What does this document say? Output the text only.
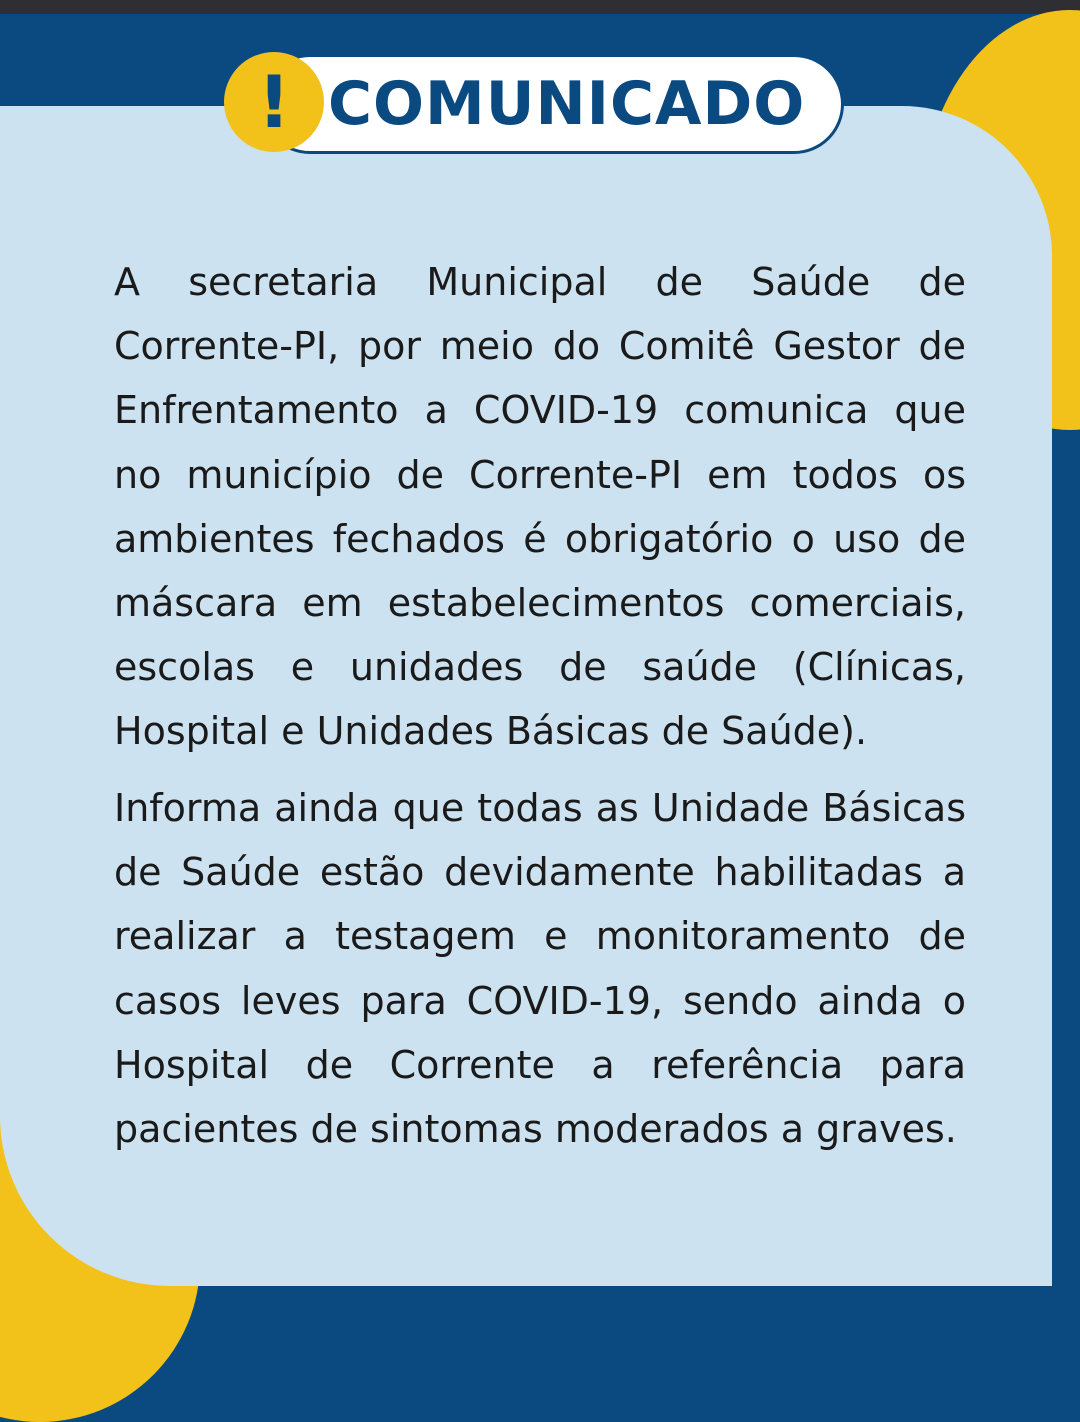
! COMUNICADO

A secretaria Municipal de Saúde de Corrente-PI, por meio do Comitê Gestor de Enfrentamento a COVID-19 comunica que no município de Corrente-PI em todos os ambientes fechados é obrigatório o uso de máscara em estabelecimentos comerciais, escolas e unidades de saúde (Clínicas, Hospital e Unidades Básicas de Saúde).

Informa ainda que todas as Unidade Básicas de Saúde estão devidamente habilitadas a realizar a testagem e monitoramento de casos leves para COVID-19, sendo ainda o Hospital de Corrente a referência para pacientes de sintomas moderados a graves.
